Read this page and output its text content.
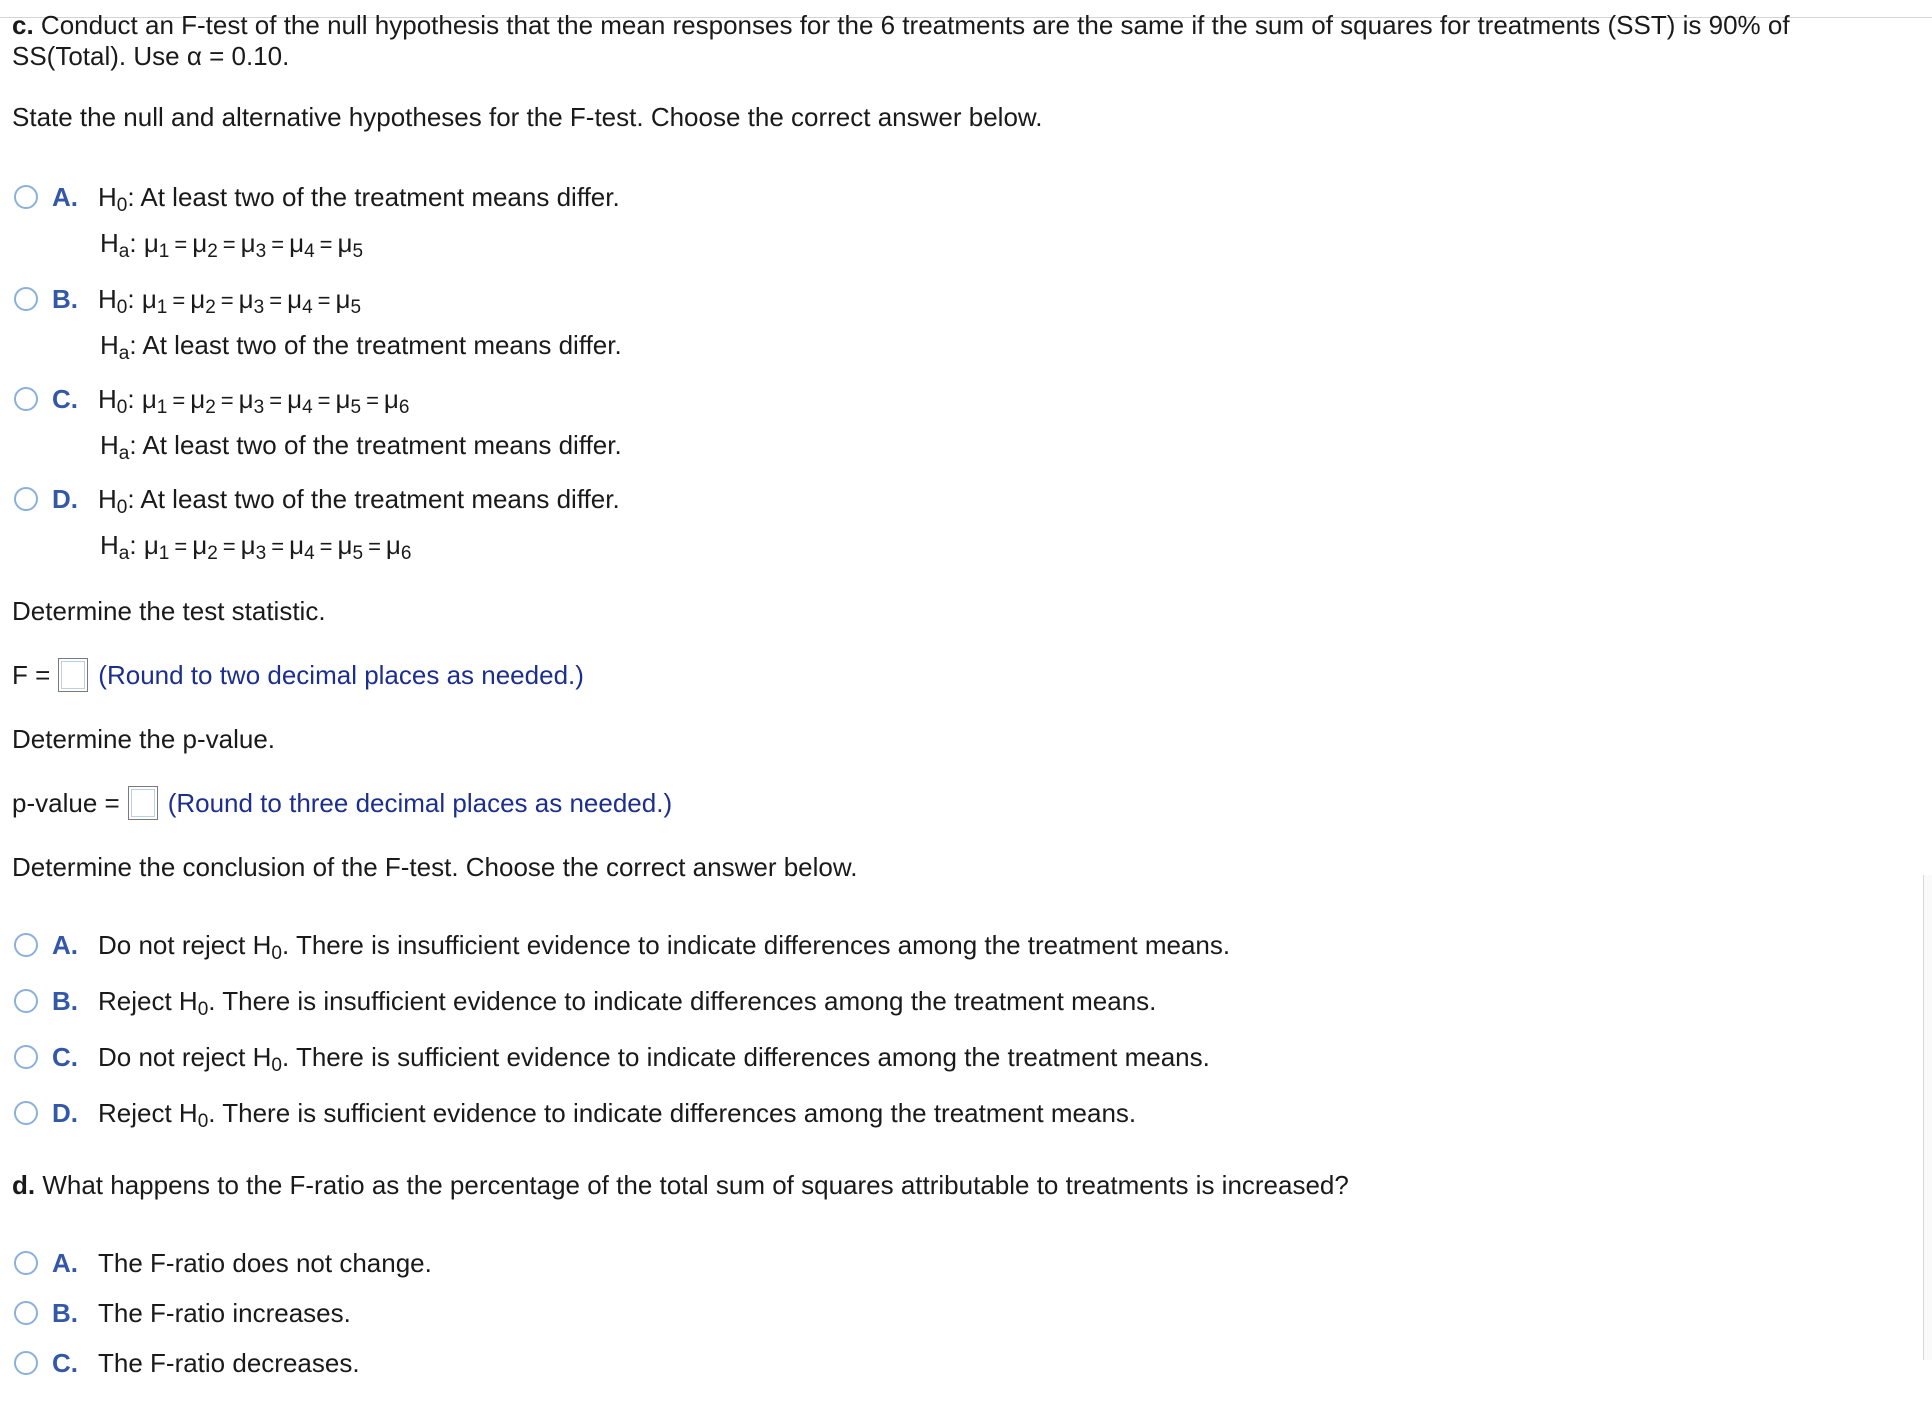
c. Conduct an F-test of the null hypothesis that the mean responses for the 6 treatments are the same if the sum of squares for treatments (SST) is 90% of
SS(Total). Use α = 0.10.
State the null and alternative hypotheses for the F-test. Choose the correct answer below.
A. $H_0$: At least two of the treatment means differ.
$H_a$: $\mu_1 = \mu_2 = \mu_3 = \mu_4 = \mu_5$
B. $H_0$: $\mu_1 = \mu_2 = \mu_3 = \mu_4 = \mu_5$
$H_a$: At least two of the treatment means differ.
C. $H_0$: $\mu_1 = \mu_2 = \mu_3 = \mu_4 = \mu_5 = \mu_6$
$H_a$: At least two of the treatment means differ.
D. $H_0$: At least two of the treatment means differ.
$H_a$: $\mu_1 = \mu_2 = \mu_3 = \mu_4 = \mu_5 = \mu_6$
Determine the test statistic.
F = (Round to two decimal places as needed.)
Determine the p-value.
p-value = (Round to three decimal places as needed.)
Determine the conclusion of the F-test. Choose the correct answer below.
A. Do not reject $H_0$. There is insufficient evidence to indicate differences among the treatment means.
B. Reject $H_0$. There is insufficient evidence to indicate differences among the treatment means.
C. Do not reject $H_0$. There is sufficient evidence to indicate differences among the treatment means.
D. Reject $H_0$. There is sufficient evidence to indicate differences among the treatment means.
d. What happens to the F-ratio as the percentage of the total sum of squares attributable to treatments is increased?
A. The F-ratio does not change.
B. The F-ratio increases.
C. The F-ratio decreases.
